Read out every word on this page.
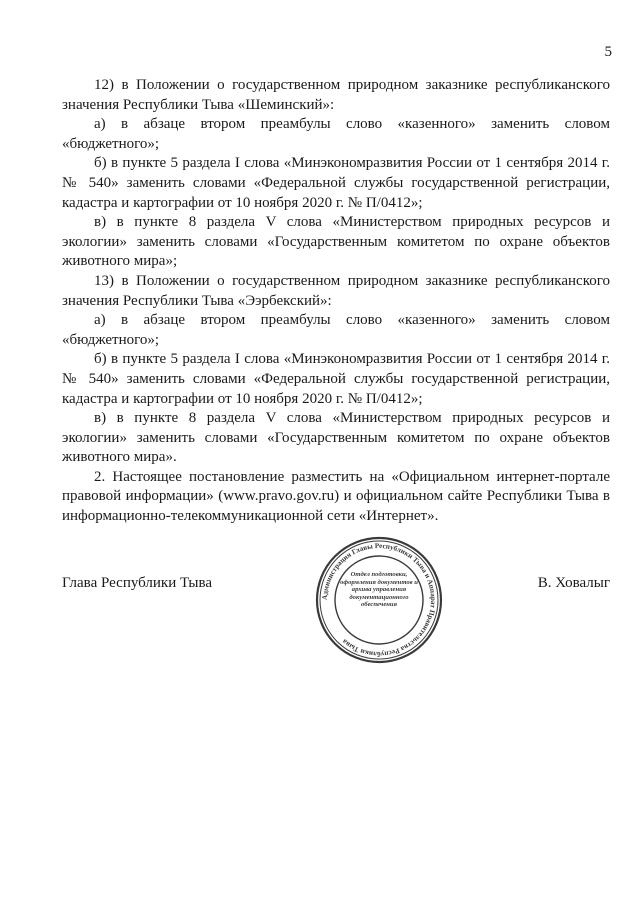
5

12) в Положении о государственном природном заказнике республиканского значения Республики Тыва «Шеминский»:

а) в абзаце втором преамбулы слово «казенного» заменить словом «бюджетного»;

б) в пункте 5 раздела I слова «Минэкономразвития России от 1 сентября 2014 г. № 540» заменить словами «Федеральной службы государственной регистрации, кадастра и картографии от 10 ноября 2020 г. № П/0412»;

в) в пункте 8 раздела V слова «Министерством природных ресурсов и экологии» заменить словами «Государственным комитетом по охране объектов животного мира»;

13) в Положении о государственном природном заказнике республиканского значения Республики Тыва «Ээрбекский»:

а) в абзаце втором преамбулы слово «казенного» заменить словом «бюджетного»;

б) в пункте 5 раздела I слова «Минэкономразвития России от 1 сентября 2014 г. № 540» заменить словами «Федеральной службы государственной регистрации, кадастра и картографии от 10 ноября 2020 г. № П/0412»;

в) в пункте 8 раздела V слова «Министерством природных ресурсов и экологии» заменить словами «Государственным комитетом по охране объектов животного мира».

2. Настоящее постановление разместить на «Официальном интернет-портале правовой информации» (www.pravo.gov.ru) и официальном сайте Республики Тыва в информационно-телекоммуникационной сети «Интернет».

Глава Республики Тыва
Администрация Главы Республики Тыва и Аппарат Правительства Республики Тыва
Отдел подготовки, оформления документов и архива управления документационного обеспечения
В. Ховалыг
